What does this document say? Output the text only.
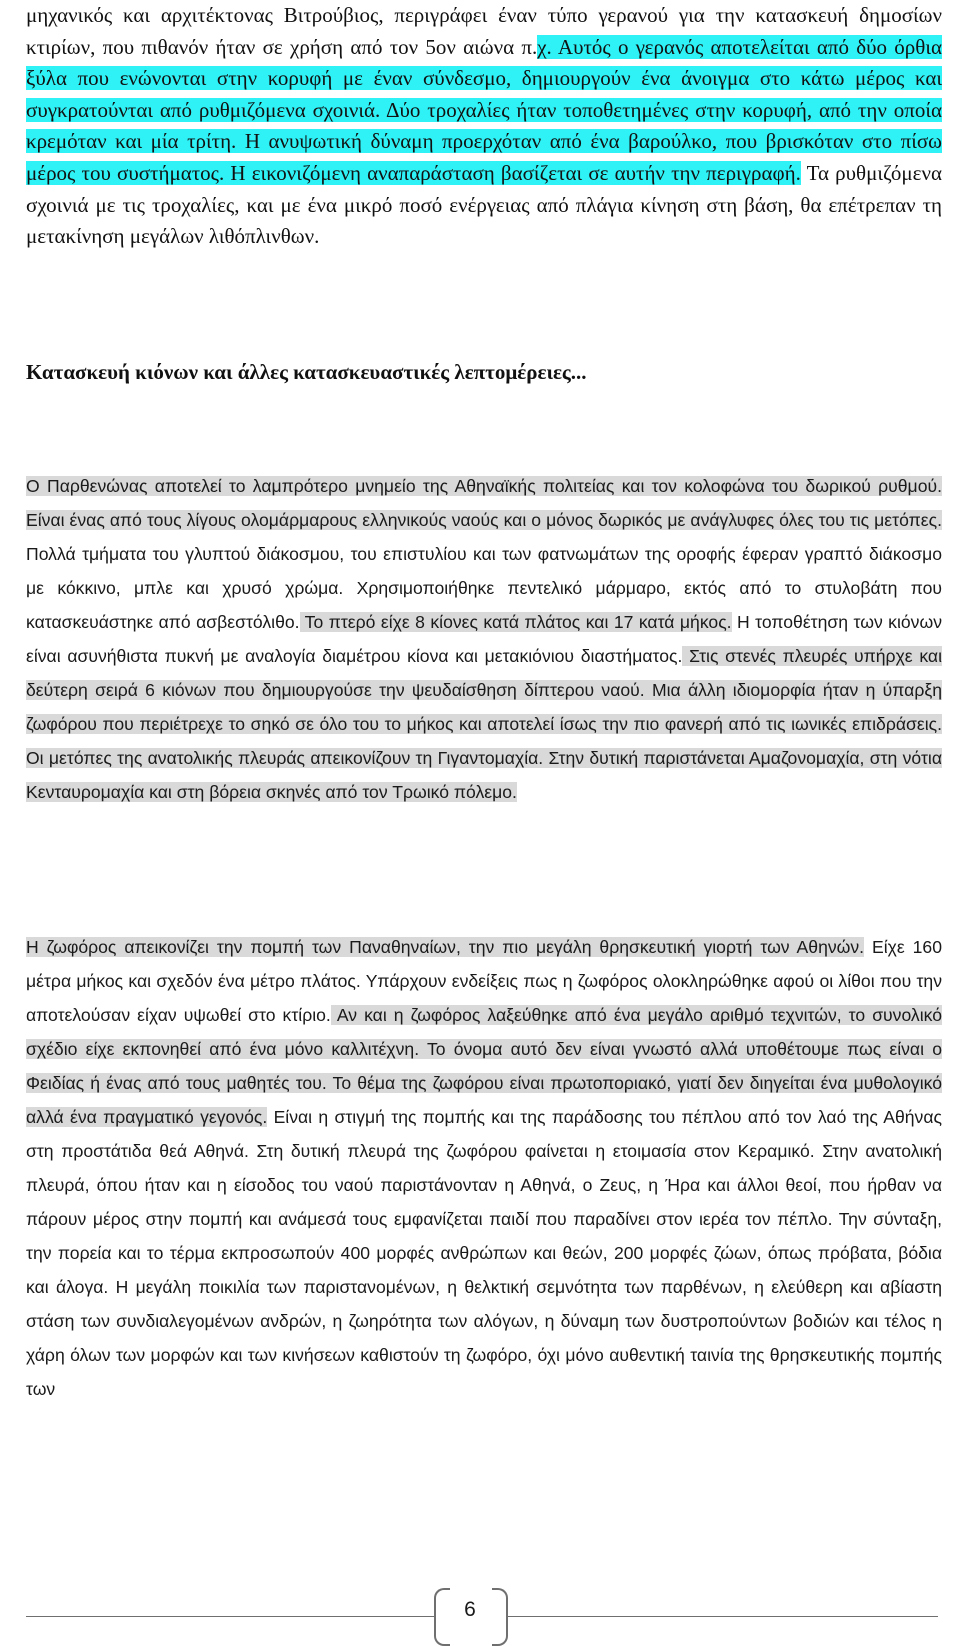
μηχανικός και αρχιτέκτονας Βιτρούβιος, περιγράφει έναν τύπο γερανού για την κατασκευή δημοσίων κτιρίων, που πιθανόν ήταν σε χρήση από τον 5ον αιώνα π.χ. Αυτός ο γερανός αποτελείται από δύο όρθια ξύλα που ενώνονται στην κορυφή με έναν σύνδεσμο, δημιουργούν ένα άνοιγμα στο κάτω μέρος και συγκρατούνται από ρυθμιζόμενα σχοινιά. Δύο τροχαλίες ήταν τοποθετημένες στην κορυφή, από την οποία κρεμόταν και μία τρίτη. Η ανυψωτική δύναμη προερχόταν από ένα βαρούλκο, που βρισκόταν στο πίσω μέρος του συστήματος. Η εικονιζόμενη αναπαράσταση βασίζεται σε αυτήν την περιγραφή. Τα ρυθμιζόμενα σχοινιά με τις τροχαλίες, και με ένα μικρό ποσό ενέργειας από πλάγια κίνηση στη βάση, θα επέτρεπαν τη μετακίνηση μεγάλων λιθόπλινθων.
Κατασκευή κιόνων και άλλες κατασκευαστικές λεπτομέρειες...
Ο Παρθενώνας αποτελεί το λαμπρότερο μνημείο της Αθηναϊκής πολιτείας και τον κολοφώνα του δωρικού ρυθμού. Είναι ένας από τους λίγους ολομάρμαρους ελληνικούς ναούς και ο μόνος δωρικός με ανάγλυφες όλες του τις μετόπες. Πολλά τμήματα του γλυπτού διάκοσμου, του επιστυλίου και των φατνωμάτων της οροφής έφεραν γραπτό διάκοσμο με κόκκινο, μπλε και χρυσό χρώμα. Χρησιμοποιήθηκε πεντελικό μάρμαρο, εκτός από το στυλοβάτη που κατασκευάστηκε από ασβεστόλιθο. Το πτερό είχε 8 κίονες κατά πλάτος και 17 κατά μήκος. Η τοποθέτηση των κιόνων είναι ασυνήθιστα πυκνή με αναλογία διαμέτρου κίονα και μετακιόνιου διαστήματος. Στις στενές πλευρές υπήρχε και δεύτερη σειρά 6 κιόνων που δημιουργούσε την ψευδαίσθηση δίπτερου ναού. Μια άλλη ιδιομορφία ήταν η ύπαρξη ζωφόρου που περιέτρεχε το σηκό σε όλο του το μήκος και αποτελεί ίσως την πιο φανερή από τις ιωνικές επιδράσεις. Οι μετόπες της ανατολικής πλευράς απεικονίζουν τη Γιγαντομαχία. Στην δυτική παριστάνεται Αμαζονομαχία, στη νότια Κενταυρομαχία και στη βόρεια σκηνές από τον Τρωικό πόλεμο.
Η ζωφόρος απεικονίζει την πομπή των Παναθηναίων, την πιο μεγάλη θρησκευτική γιορτή των Αθηνών. Είχε 160 μέτρα μήκος και σχεδόν ένα μέτρο πλάτος. Υπάρχουν ενδείξεις πως η ζωφόρος ολοκληρώθηκε αφού οι λίθοι που την αποτελούσαν είχαν υψωθεί στο κτίριο. Αν και η ζωφόρος λαξεύθηκε από ένα μεγάλο αριθμό τεχνιτών, το συνολικό σχέδιο είχε εκπονηθεί από ένα μόνο καλλιτέχνη. Το όνομα αυτό δεν είναι γνωστό αλλά υποθέτουμε πως είναι ο Φειδίας ή ένας από τους μαθητές του. Το θέμα της ζωφόρου είναι πρωτοποριακό, γιατί δεν διηγείται ένα μυθολογικό αλλά ένα πραγματικό γεγονός. Είναι η στιγμή της πομπής και της παράδοσης του πέπλου από τον λαό της Αθήνας στη προστάτιδα θεά Αθηνά. Στη δυτική πλευρά της ζωφόρου φαίνεται η ετοιμασία στον Κεραμικό. Στην ανατολική πλευρά, όπου ήταν και η είσοδος του ναού παριστάνονταν η Αθηνά, ο Ζευς, η Ήρα και άλλοι θεοί, που ήρθαν να πάρουν μέρος στην πομπή και ανάμεσά τους εμφανίζεται παιδί που παραδίνει στον ιερέα τον πέπλο. Την σύνταξη, την πορεία και το τέρμα εκπροσωπούν 400 μορφές ανθρώπων και θεών, 200 μορφές ζώων, όπως πρόβατα, βόδια και άλογα. Η μεγάλη ποικιλία των παριστανομένων, η θελκτική σεμνότητα των παρθένων, η ελεύθερη και αβίαστη στάση των συνδιαλεγομένων ανδρών, η ζωηρότητα των αλόγων, η δύναμη των δυστροπούντων βοδιών και τέλος η χάρη όλων των μορφών και των κινήσεων καθιστούν τη ζωφόρο, όχι μόνο αυθεντική ταινία της θρησκευτικής πομπής των
6
